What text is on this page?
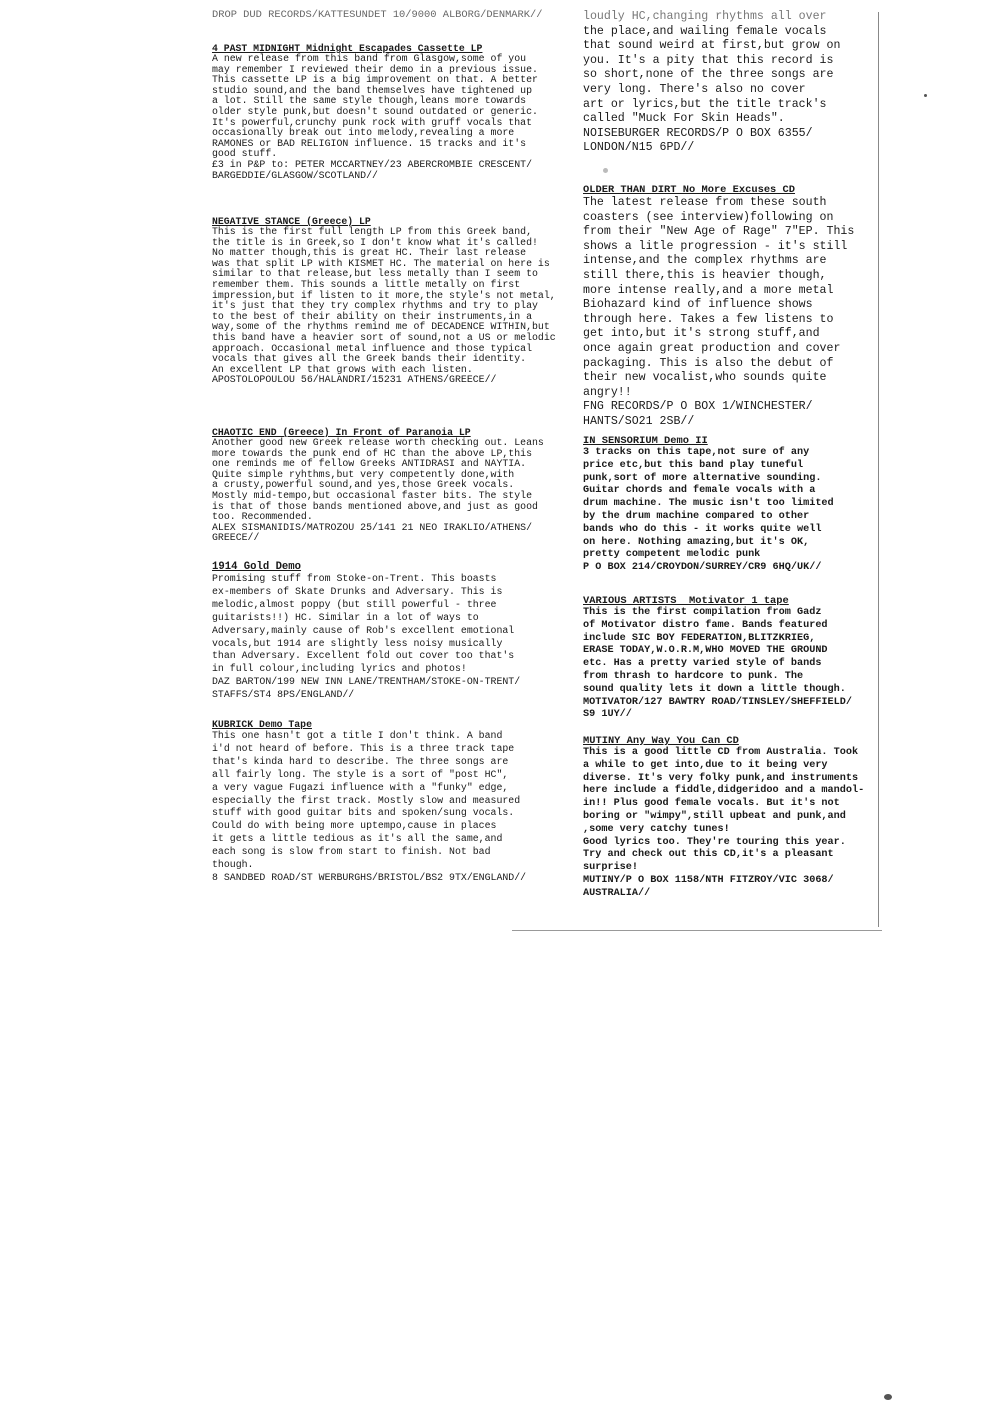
DROP DUD RECORDS/KATTESUNDET 10/9000 ALBORG/DENMARK//

4 PAST MIDNIGHT Midnight Escapades Cassette LP

A new release from this band from Glasgow,some of you

may remember I reviewed their demo in a previous issue.

This cassette LP is a big improvement on that. A better

studio sound,and the band themselves have tightened up

a lot. Still the same style though,leans more towards

older style punk,but doesn't sound outdated or generic.

It's powerful,crunchy punk rock with gruff vocals that

occasionally break out into melody,revealing a more

RAMONES or BAD RELIGION influence. 15 tracks and it's

good stuff.

£3 in P&P to: PETER MCCARTNEY/23 ABERCROMBIE CRESCENT/

BARGEDDIE/GLASGOW/SCOTLAND//

NEGATIVE STANCE (Greece) LP

This is the first full length LP from this Greek band,

the title is in Greek,so I don't know what it's called!

No matter though,this is great HC. Their last release

was that split LP with KISMET HC. The material on here is

similar to that release,but less metally than I seem to

remember them. This sounds a little metally on first

impression,but if listen to it more,the style's not metal,

it's just that they try complex rhythms and try to play

to the best of their ability on their instruments,in a

way,some of the rhythms remind me of DECADENCE WITHIN,but

this band have a heavier sort of sound,not a US or melodic

approach. Occasional metal influence and those typical

vocals that gives all the Greek bands their identity.

An excellent LP that grows with each listen.

APOSTOLOPOULOU 56/HALANDRI/15231 ATHENS/GREECE//

CHAOTIC END (Greece) In Front of Paranoia LP

Another good new Greek release worth checking out. Leans

more towards the punk end of HC than the above LP,this

one reminds me of fellow Greeks ANTIDRASI and NAYTIA.

Quite simple ryhthms,but very competently done,with

a crusty,powerful sound,and yes,those Greek vocals.

Mostly mid-tempo,but occasional faster bits. The style

is that of those bands mentioned above,and just as good

too. Recommended.

ALEX SISMANIDIS/MATROZOU 25/141 21 NEO IRAKLIO/ATHENS/

GREECE//

1914 Gold Demo

Promising stuff from Stoke-on-Trent. This boasts

ex-members of Skate Drunks and Adversary. This is

melodic,almost poppy (but still powerful - three

guitarists!!) HC. Similar in a lot of ways to

Adversary,mainly cause of Rob's excellent emotional

vocals,but 1914 are slightly less noisy musically

than Adversary. Excellent fold out cover too that's

in full colour,including lyrics and photos!

DAZ BARTON/199 NEW INN LANE/TRENTHAM/STOKE-ON-TRENT/

STAFFS/ST4 8PS/ENGLAND//

KUBRICK Demo Tape

This one hasn't got a title I don't think. A band

i'd not heard of before. This is a three track tape

that's kinda hard to describe. The three songs are

all fairly long. The style is a sort of "post HC",

a very vague Fugazi influence with a "funky" edge,

especially the first track. Mostly slow and measured

stuff with good guitar bits and spoken/sung vocals.

Could do with being more uptempo,cause in places

it gets a little tedious as it's all the same,and

each song is slow from start to finish. Not bad

though.

8 SANDBED ROAD/ST WERBURGHS/BRISTOL/BS2 9TX/ENGLAND//

loudly HC,changing rhythms all over

the place,and wailing female vocals

that sound weird at first,but grow on

you. It's a pity that this record is

so short,none of the three songs are

very long. There's also no cover

art or lyrics,but the title track's

called "Muck For Skin Heads".

NOISEBURGER RECORDS/P O BOX 6355/

LONDON/N15 6PD//

OLDER THAN DIRT No More Excuses CD

The latest release from these south

coasters (see interview)following on

from their "New Age of Rage" 7"EP. This

shows a litle progression - it's still

intense,and the complex rhythms are

still there,this is heavier though,

more intense really,and a more metal

Biohazard kind of influence shows

through here. Takes a few listens to

get into,but it's strong stuff,and

once again great production and cover

packaging. This is also the debut of

their new vocalist,who sounds quite

angry!!

FNG RECORDS/P O BOX 1/WINCHESTER/

HANTS/SO21 2SB//

IN SENSORIUM Demo II

3 tracks on this tape,not sure of any

price etc,but this band play tuneful

punk,sort of more alternative sounding.

Guitar chords and female vocals with a

drum machine. The music isn't too limited

by the drum machine compared to other

bands who do this - it works quite well

on here. Nothing amazing,but it's OK,

pretty competent melodic punk

P O BOX 214/CROYDON/SURREY/CR9 6HQ/UK//

VARIOUS ARTISTS  Motivator 1 tape

This is the first compilation from Gadz

of Motivator distro fame. Bands featured

include SIC BOY FEDERATION,BLITZKRIEG,

ERASE TODAY,W.O.R.M,WHO MOVED THE GROUND

etc. Has a pretty varied style of bands

from thrash to hardcore to punk. The

sound quality lets it down a little though.

MOTIVATOR/127 BAWTRY ROAD/TINSLEY/SHEFFIELD/

S9 1UY//

MUTINY Any Way You Can CD

This is a good little CD from Australia. Took

a while to get into,due to it being very

diverse. It's very folky punk,and instruments

here include a fiddle,didgeridoo and a mandol-

in!! Plus good female vocals. But it's not

boring or "wimpy",still upbeat and punk,and

,some very catchy tunes!

Good lyrics too. They're touring this year.

Try and check out this CD,it's a pleasant

surprise!

MUTINY/P O BOX 1158/NTH FITZROY/VIC 3068/

AUSTRALIA//
